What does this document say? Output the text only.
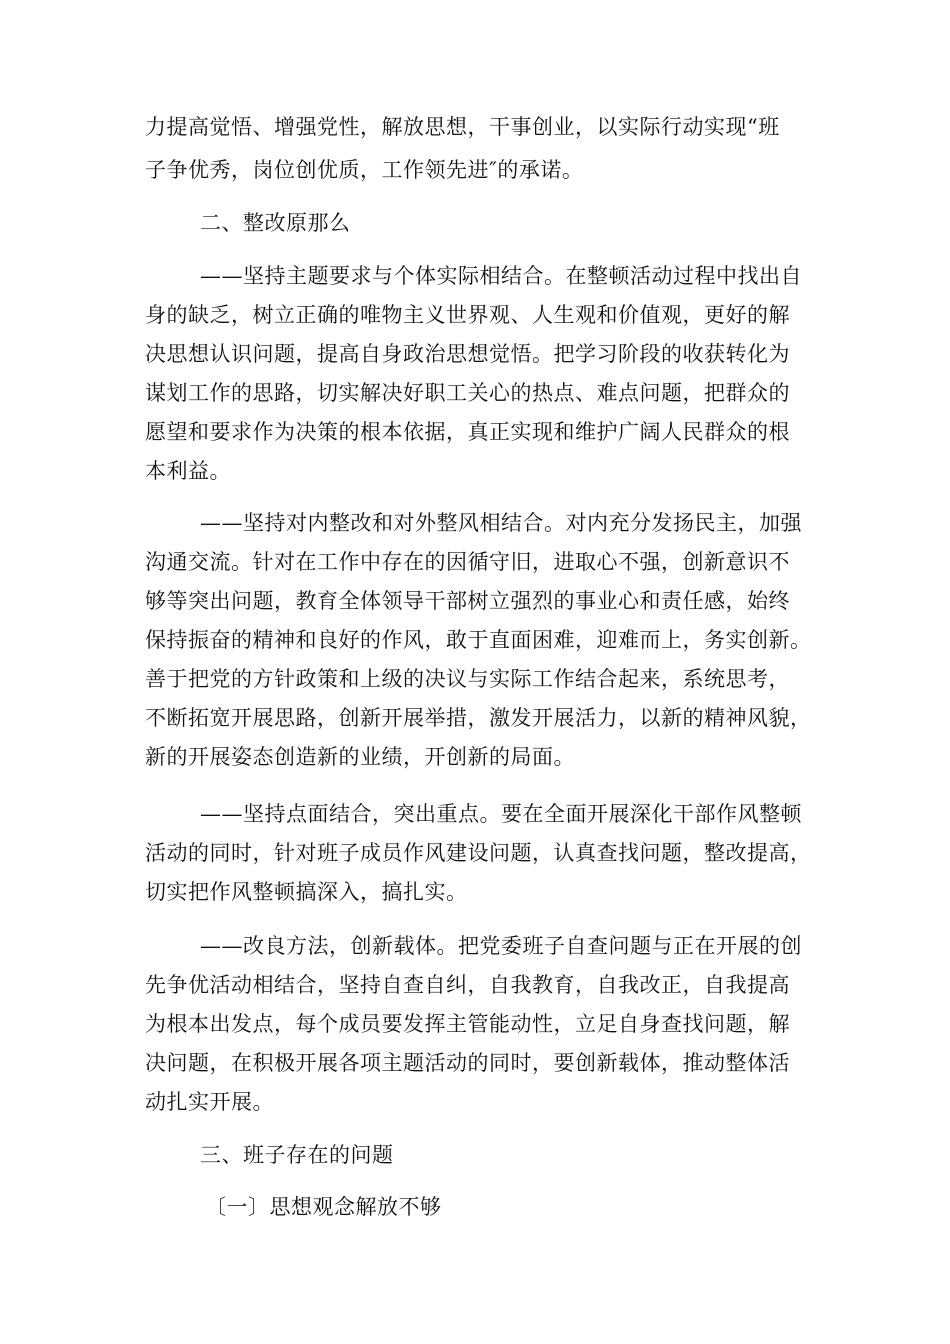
力提高觉悟、增强党性，解放思想，干事创业，以实际行动实现“班
子争优秀，岗位创优质，工作领先进″的承诺。
二、整改原那么
——坚持主题要求与个体实际相结合。在整顿活动过程中找出自
身的缺乏，树立正确的唯物主义世界观、人生观和价值观，更好的解
决思想认识问题，提高自身政治思想觉悟。把学习阶段的收获转化为
谋划工作的思路，切实解决好职工关心的热点、难点问题，把群众的
愿望和要求作为决策的根本依据，真正实现和维护广阔人民群众的根
本利益。
——坚持对内整改和对外整风相结合。对内充分发扬民主，加强
沟通交流。针对在工作中存在的因循守旧，进取心不强，创新意识不
够等突出问题，教育全体领导干部树立强烈的事业心和责任感，始终
保持振奋的精神和良好的作风，敢于直面困难，迎难而上，务实创新。
善于把党的方针政策和上级的决议与实际工作结合起来，系统思考，
不断拓宽开展思路，创新开展举措，激发开展活力，以新的精神风貌，
新的开展姿态创造新的业绩，开创新的局面。
——坚持点面结合，突出重点。要在全面开展深化干部作风整顿
活动的同时，针对班子成员作风建设问题，认真查找问题，整改提高，
切实把作风整顿搞深入，搞扎实。
——改良方法，创新载体。把党委班子自查问题与正在开展的创
先争优活动相结合，坚持自查自纠，自我教育，自我改正，自我提高
为根本出发点，每个成员要发挥主管能动性，立足自身查找问题，解
决问题，在积极开展各项主题活动的同时，要创新载体，推动整体活
动扎实开展。
三、班子存在的问题
〔一〕思想观念解放不够
